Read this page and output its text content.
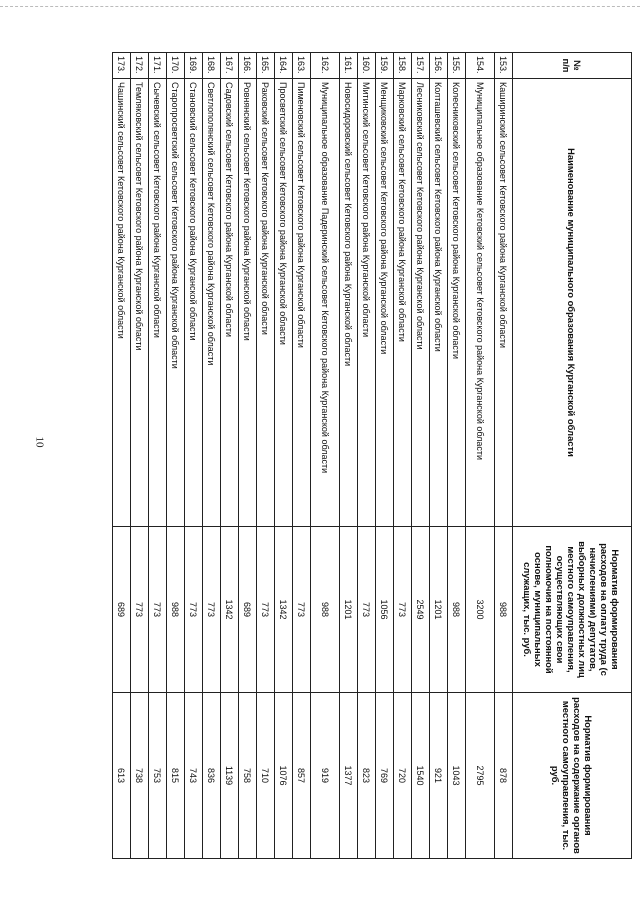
10
№ п/п	Наименование муниципального образования Курганской области	Норматив формирования расходов на оплату труда (с начислениями) депутатов, выборных должностных лиц местного самоуправления, осуществляющих свои полномочия на постоянной основе, муниципальных служащих, тыс. руб.	Норматив формирования расходов на содержание органов местного самоуправления, тыс. руб.
153.	Каширинский сельсовет Кетовского района Курганской области	988	878
154.	Муниципальное образование Кетовский сельсовет Кетовского района Курганской области	3200	2795
155.	Колесниковский сельсовет Кетовского района Курганской области	988	1043
156.	Колташевский сельсовет Кетовского района Курганской области	1201	921
157.	Лесниковский сельсовет Кетовского района Курганской области	2549	1540
158.	Марковский сельсовет Кетовского района Курганской области	773	720
159.	Менщиковский сельсовет Кетовского района Курганской области	1056	769
160.	Митинский сельсовет Кетовского района Курганской области	773	823
161.	Новосидоровский сельсовет Кетовского района Курганской области	1201	1377
162.	Муниципальное образование Падеринский сельсовет Кетовского района Курганской области	988	919
163.	Пименовский сельсовет Кетовского района Курганской области	773	857
164.	Просветский сельсовет Кетовского района Курганской области	1342	1076
165.	Раковский сельсовет Кетовского района Курганской области	773	710
166.	Ровнянский сельсовет Кетовского района Курганской области	689	758
167.	Садовский сельсовет Кетовского района Курганской области	1342	1139
168.	Светлополянский сельсовет Кетовского района Курганской области	773	836
169.	Становский сельсовет Кетовского района Курганской области	773	743
170.	Старопросветский сельсовет Кетовского района Курганской области	988	815
171.	Сычевский сельсовет Кетовского района Курганской области	773	753
172.	Темляковский сельсовет Кетовского района Курганской области	773	738
173.	Чашинский сельсовет Кетовского района Курганской области	689	613
